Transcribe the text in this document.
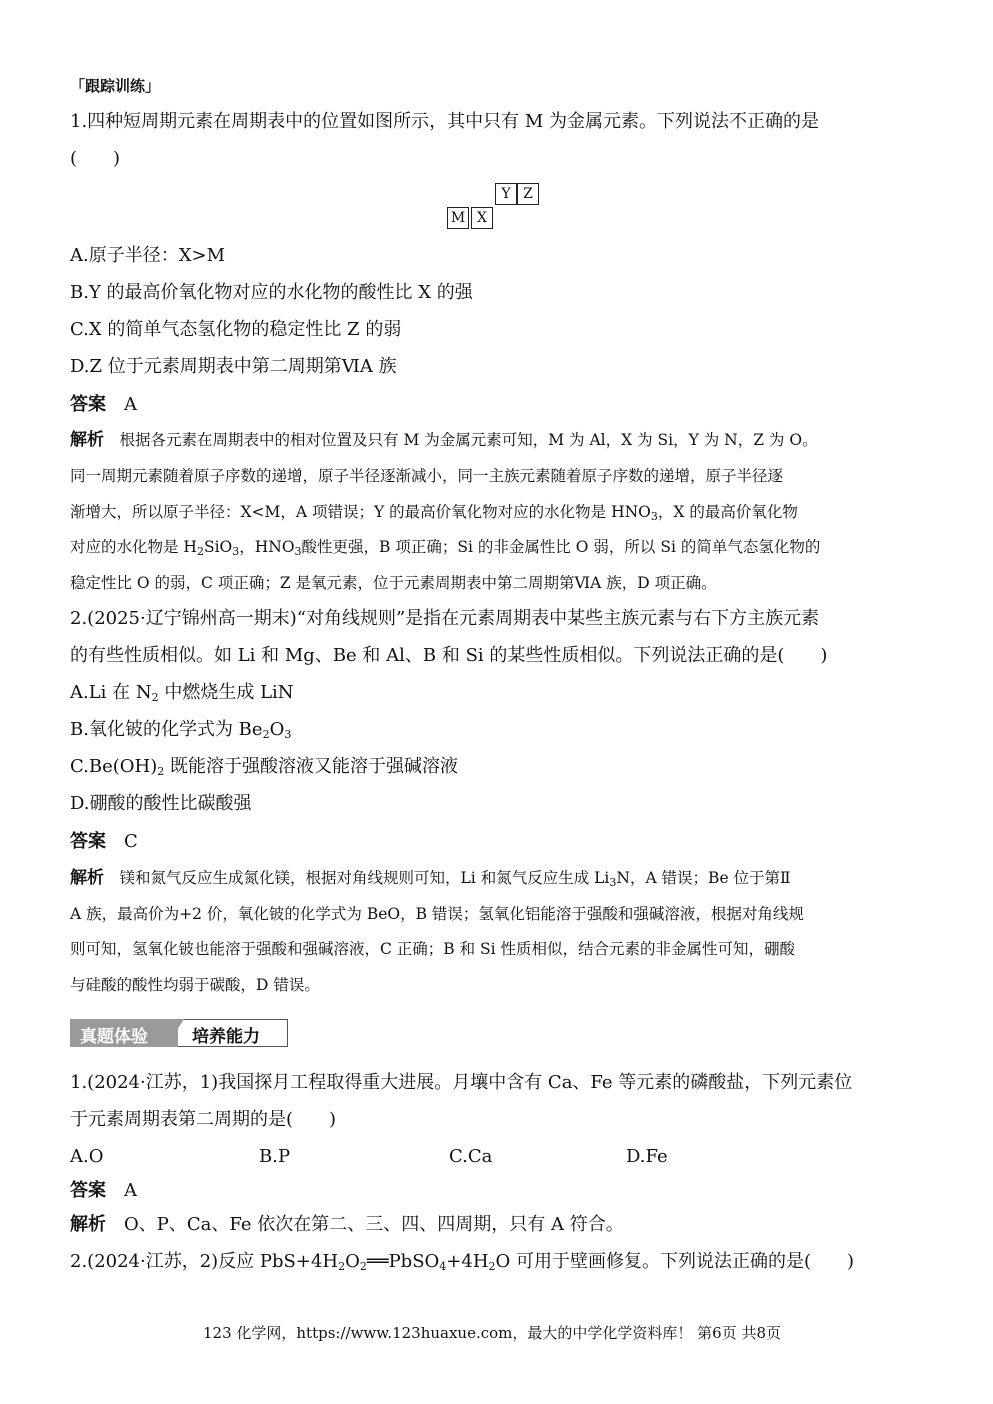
「跟踪训练」
1.四种短周期元素在周期表中的位置如图所示，其中只有 M 为金属元素。下列说法不正确的是
(　　)
Y Z
M X
A.原子半径：X>M
B.Y 的最高价氧化物对应的水化物的酸性比 X 的强
C.X 的简单气态氢化物的稳定性比 Z 的弱
D.Z 位于元素周期表中第二周期第ⅥA 族
答案　 A
解析　 根据各元素在周期表中的相对位置及只有 M 为金属元素可知，M 为 Al，X 为 Si，Y 为 N，Z 为 O。
同一周期元素随着原子序数的递增，原子半径逐渐减小，同一主族元素随着原子序数的递增，原子半径逐
渐增大，所以原子半径：X<M，A 项错误；Y 的最高价氧化物对应的水化物是 $HNO_3$，X 的最高价氧化物
对应的水化物是 $H_2SiO_3$，$HNO_3$酸性更强，B 项正确；Si 的非金属性比 O 弱，所以 Si 的简单气态氢化物的
稳定性比 O 的弱，C 项正确；Z 是氧元素，位于元素周期表中第二周期第ⅥA 族，D 项正确。
2.(2025·辽宁锦州高一期末)“对角线规则”是指在元素周期表中某些主族元素与右下方主族元素
的有些性质相似。如 Li 和 Mg、Be 和 Al、B 和 Si 的某些性质相似。下列说法正确的是(　　)
A.Li 在 $N_2$ 中燃烧生成 LiN
B.氧化铍的化学式为 $Be_2O_3$
$C.Be(OH)_2$ 既能溶于强酸溶液又能溶于强碱溶液
D.硼酸的酸性比碳酸强
答案　 C
解析　 镁和氮气反应生成氮化镁，根据对角线规则可知，Li 和氮气反应生成 $Li_3N$，A 错误；Be 位于第Ⅱ
A 族，最高价为+2 价，氧化铍的化学式为 BeO，B 错误；氢氧化铝能溶于强酸和强碱溶液，根据对角线规
则可知，氢氧化铍也能溶于强酸和强碱溶液，C 正确；B 和 Si 性质相似，结合元素的非金属性可知，硼酸
与硅酸的酸性均弱于碳酸，D 错误。
真题体验	培养能力
1.(2024·江苏，1)我国探月工程取得重大进展。月壤中含有 Ca、Fe 等元素的磷酸盐，下列元素位
于元素周期表第二周期的是(　　)
A.O	B.P	C.Ca	D.Fe
答案　 A
解析　 O、P、Ca、Fe 依次在第二、三、四、四周期，只有 A 符合。
2.(2024·江苏，2)反应 $PbS+4H_2O_2══PbSO_4+4H_2O$ 可用于壁画修复。下列说法正确的是(　　)
123 化学网，https://www.123huaxue.com，最大的中学化学资料库！ 第6页 共8页
